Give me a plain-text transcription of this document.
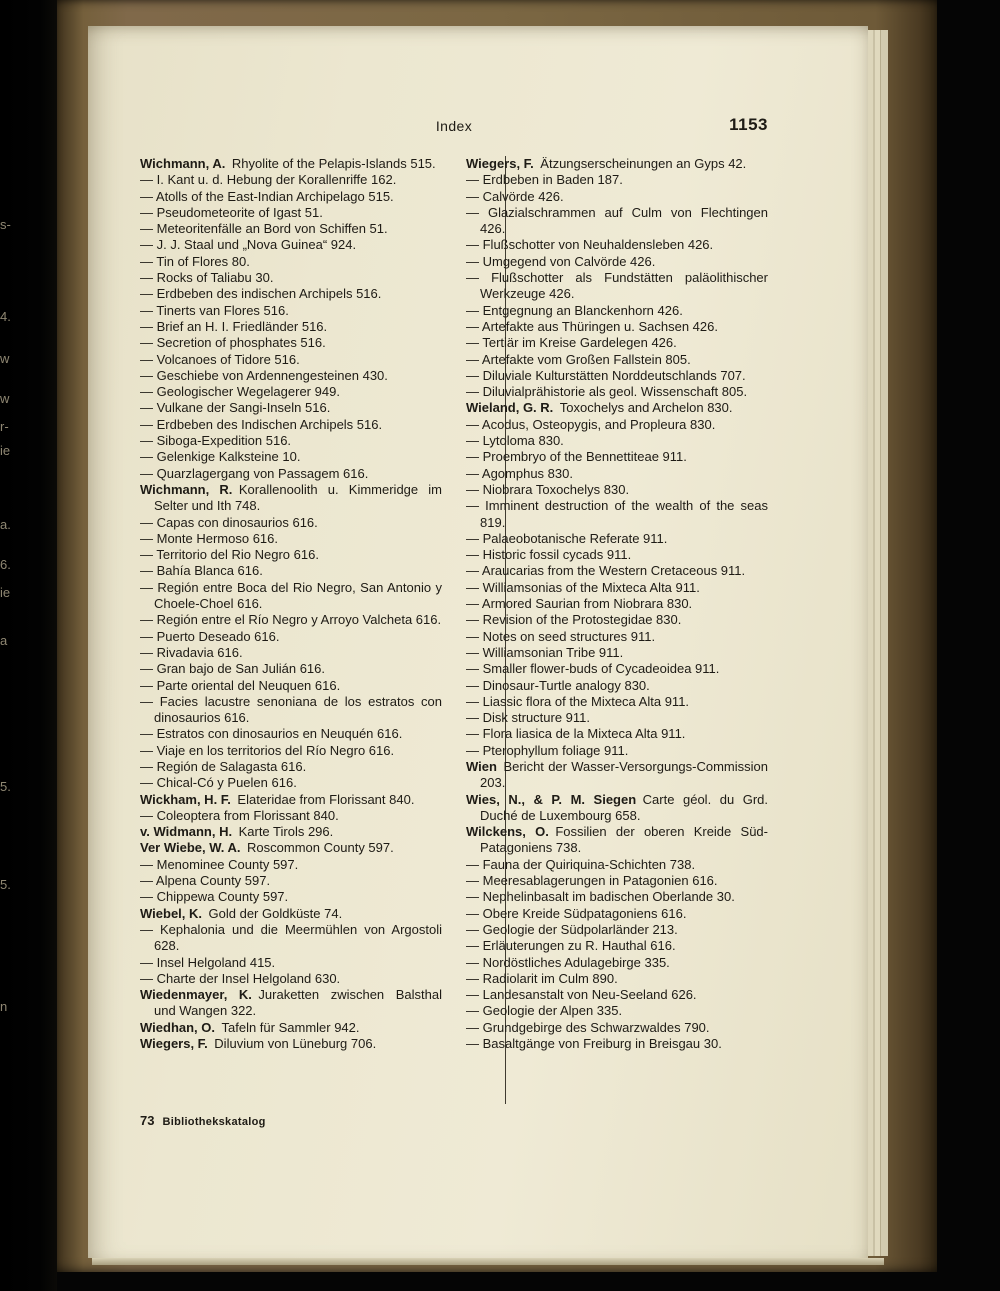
s-
4.
w
w
r-
ie
a.
6.
ie
a
5.
5.
n
Index	1153

Wichmann, A. Rhyolite of the Pelapis-Islands 515.

— I. Kant u. d. Hebung der Korallenriffe 162.

— Atolls of the East-Indian Archipelago 515.

— Pseudometeorite of Igast 51.

— Meteoritenfälle an Bord von Schiffen 51.

— J. J. Staal und „Nova Guinea“ 924.

— Tin of Flores 80.

— Rocks of Taliabu 30.

— Erdbeben des indischen Archipels 516.

— Tinerts van Flores 516.

— Brief an H. I. Friedländer 516.

— Secretion of phosphates 516.

— Volcanoes of Tidore 516.

— Geschiebe von Ardennengesteinen 430.

— Geologischer Wegelagerer 949.

— Vulkane der Sangi-Inseln 516.

— Erdbeben des Indischen Archipels 516.

— Siboga-Expedition 516.

— Gelenkige Kalksteine 10.

— Quarzlagergang von Passagem 616.

Wichmann, R. Korallenoolith u. Kimmeridge im Selter und Ith 748.

— Capas con dinosaurios 616.

— Monte Hermoso 616.

— Territorio del Rio Negro 616.

— Bahía Blanca 616.

— Región entre Boca del Rio Negro, San Antonio y Choele-Choel 616.

— Región entre el Río Negro y Arroyo Valcheta 616.

— Puerto Deseado 616.

— Rivadavia 616.

— Gran bajo de San Julián 616.

— Parte oriental del Neuquen 616.

— Facies lacustre senoniana de los estratos con dinosaurios 616.

— Estratos con dinosaurios en Neuquén 616.

— Viaje en los territorios del Río Negro 616.

— Región de Salagasta 616.

— Chical-Có y Puelen 616.

Wickham, H. F. Elateridae from Florissant 840.

— Coleoptera from Florissant 840.

v. Widmann, H. Karte Tirols 296.

Ver Wiebe, W. A. Roscommon County 597.

— Menominee County 597.

— Alpena County 597.

— Chippewa County 597.

Wiebel, K. Gold der Goldküste 74.

— Kephalonia und die Meermühlen von Argostoli 628.

— Insel Helgoland 415.

— Charte der Insel Helgoland 630.

Wiedenmayer, K. Juraketten zwischen Balsthal und Wangen 322.

Wiedhan, O. Tafeln für Sammler 942.

Wiegers, F. Diluvium von Lüneburg 706.

Wiegers, F. Ätzungserscheinungen an Gyps 42.

— Erdbeben in Baden 187.

— Calvörde 426.

— Glazialschrammen auf Culm von Flechtingen 426.

— Flußschotter von Neuhaldensleben 426.

— Umgegend von Calvörde 426.

— Flußschotter als Fundstätten paläolithischer Werkzeuge 426.

— Entgegnung an Blanckenhorn 426.

— Artefakte aus Thüringen u. Sachsen 426.

— Tertiär im Kreise Gardelegen 426.

— Artefakte vom Großen Fallstein 805.

— Diluviale Kulturstätten Norddeutschlands 707.

— Diluvialprähistorie als geol. Wissenschaft 805.

Wieland, G. R. Toxochelys and Archelon 830.

— Acodus, Osteopygis, and Propleura 830.

— Lytoloma 830.

— Proembryo of the Bennettiteae 911.

— Agomphus 830.

— Niobrara Toxochelys 830.

— Imminent destruction of the wealth of the seas 819.

— Palaeobotanische Referate 911.

— Historic fossil cycads 911.

— Araucarias from the Western Cretaceous 911.

— Williamsonias of the Mixteca Alta 911.

— Armored Saurian from Niobrara 830.

— Revision of the Protostegidae 830.

— Notes on seed structures 911.

— Williamsonian Tribe 911.

— Smaller flower-buds of Cycadeoidea 911.

— Dinosaur-Turtle analogy 830.

— Liassic flora of the Mixteca Alta 911.

— Disk structure 911.

— Flora liasica de la Mixteca Alta 911.

— Pterophyllum foliage 911.

Wien Bericht der Wasser-Versorgungs-Commission 203.

Wies, N., & P. M. Siegen Carte géol. du Grd. Duché de Luxembourg 658.

Wilckens, O. Fossilien der oberen Kreide Süd-Patagoniens 738.

— Fauna der Quiriquina-Schichten 738.

— Meeresablagerungen in Patagonien 616.

— Nephelinbasalt im badischen Oberlande 30.

— Obere Kreide Südpatagoniens 616.

— Geologie der Südpolarländer 213.

— Erläuterungen zu R. Hauthal 616.

— Nordöstliches Adulagebirge 335.

— Radiolarit im Culm 890.

— Landesanstalt von Neu-Seeland 626.

— Geologie der Alpen 335.

— Grundgebirge des Schwarzwaldes 790.

— Basaltgänge von Freiburg in Breisgau 30.

73 Bibliothekskatalog
